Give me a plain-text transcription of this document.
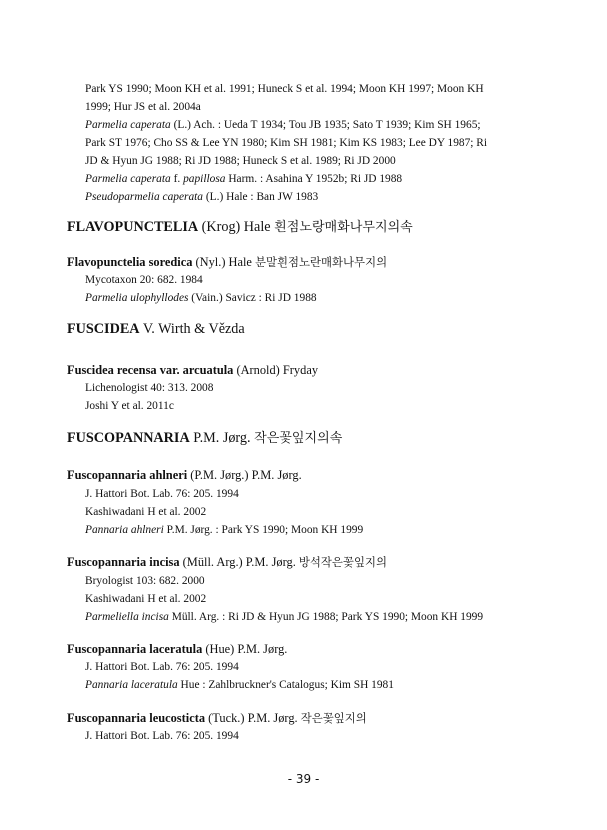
Park YS 1990; Moon KH et al. 1991; Huneck S et al. 1994; Moon KH 1997; Moon KH
1999; Hur JS et al. 2004a
Parmelia caperata (L.) Ach. : Ueda T 1934; Tou JB 1935; Sato T 1939; Kim SH 1965;
Park ST 1976; Cho SS & Lee YN 1980; Kim SH 1981; Kim KS 1983; Lee DY 1987; Ri
JD & Hyun JG 1988; Ri JD 1988; Huneck S et al. 1989; Ri JD 2000
Parmelia caperata f. papillosa Harm. : Asahina Y 1952b; Ri JD 1988
Pseudoparmelia caperata (L.) Hale : Ban JW 1983
FLAVOPUNCTELIA (Krog) Hale 흰점노랑매화나무지의속
Flavopunctelia soredica (Nyl.) Hale 분말흰점노란매화나무지의
Mycotaxon 20: 682. 1984
Parmelia ulophyllodes (Vain.) Savicz : Ri JD 1988
FUSCIDEA V. Wirth & Vězda
Fuscidea recensa var. arcuatula (Arnold) Fryday
Lichenologist 40: 313. 2008
Joshi Y et al. 2011c
FUSCOPANNARIA P.M. Jørg. 작은꽃잎지의속
Fuscopannaria ahlneri (P.M. Jørg.) P.M. Jørg.
J. Hattori Bot. Lab. 76: 205. 1994
Kashiwadani H et al. 2002
Pannaria ahlneri P.M. Jørg. : Park YS 1990; Moon KH 1999
Fuscopannaria incisa (Müll. Arg.) P.M. Jørg. 방석작은꽃잎지의
Bryologist 103: 682. 2000
Kashiwadani H et al. 2002
Parmeliella incisa Müll. Arg. : Ri JD & Hyun JG 1988; Park YS 1990; Moon KH 1999
Fuscopannaria laceratula (Hue) P.M. Jørg.
J. Hattori Bot. Lab. 76: 205. 1994
Pannaria laceratula Hue : Zahlbruckner's Catalogus; Kim SH 1981
Fuscopannaria leucosticta (Tuck.) P.M. Jørg. 작은꽃잎지의
J. Hattori Bot. Lab. 76: 205. 1994
- 39 -
